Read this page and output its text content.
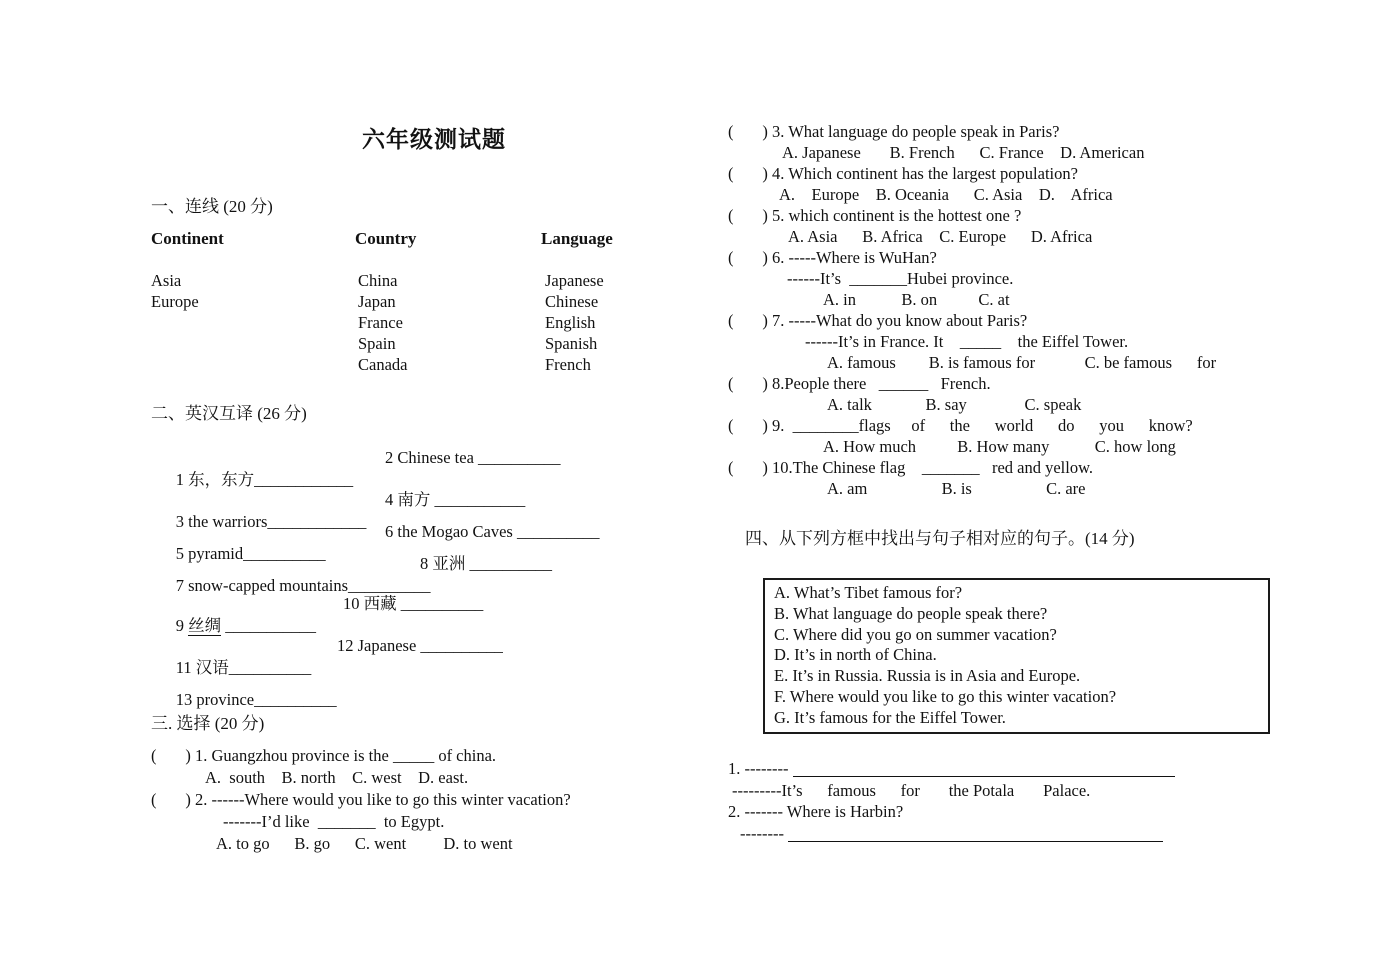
六年级测试题

一、连线 (20 分)

Continent

Asia

Europe

Country

China

Japan

France

Spain

Canada

Language

Japanese

Chinese

English

Spanish

French

二、英汉互译 (26 分)

1 东，东方____________

2 Chinese tea __________

3 the warriors____________

4 南方 ___________

5 pyramid__________

6 the Mogao Caves __________

7 snow-capped mountains__________

8 亚洲 __________

9 丝绸 ___________

10 西藏 __________

11 汉语__________

12 Japanese __________

13 province__________

三. 选择 (20 分)

(       ) 1. Guangzhou province is the _____ of china.

A.  south    B. north    C. west    D. east.

(       ) 2. ------Where would you like to go this winter vacation?

-------I’d like  _______  to Egypt.

A. to go      B. go      C. went         D. to went

(       ) 3. What language do people speak in Paris?

A. Japanese       B. French      C. France    D. American

(       ) 4. Which continent has the largest population?

A.    Europe    B. Oceania      C. Asia    D.    Africa

(       ) 5. which continent is the hottest one ?

A. Asia      B. Africa    C. Europe      D. Africa

(       ) 6. -----Where is WuHan?

------It’s  _______Hubei province.

A. in           B. on          C. at

(       ) 7. -----What do you know about Paris?

------It’s in France. It    _____    the Eiffel Tower.

A. famous        B. is famous for            C. be famous      for

(       ) 8.People there   ______   French.

A. talk             B. say              C. speak

(       ) 9.  ________flags     of      the      world      do      you      know?

A. How much          B. How many           C. how long

(       ) 10.The Chinese flag    _______   red and yellow.

A. am                  B. is                  C. are

四、从下列方框中找出与句子相对应的句子。(14 分)

A. What’s Tibet famous for?

B. What language do people speak there?

C. Where did you go on summer vacation?

D. It’s in north of China.

E. It’s in Russia. Russia is in Asia and Europe.

F. Where would you like to go this winter vacation?

G. It’s famous for the Eiffel Tower.

1. --------

---------It’s      famous      for       the Potala       Palace.

2. ------- Where is Harbin?

--------
